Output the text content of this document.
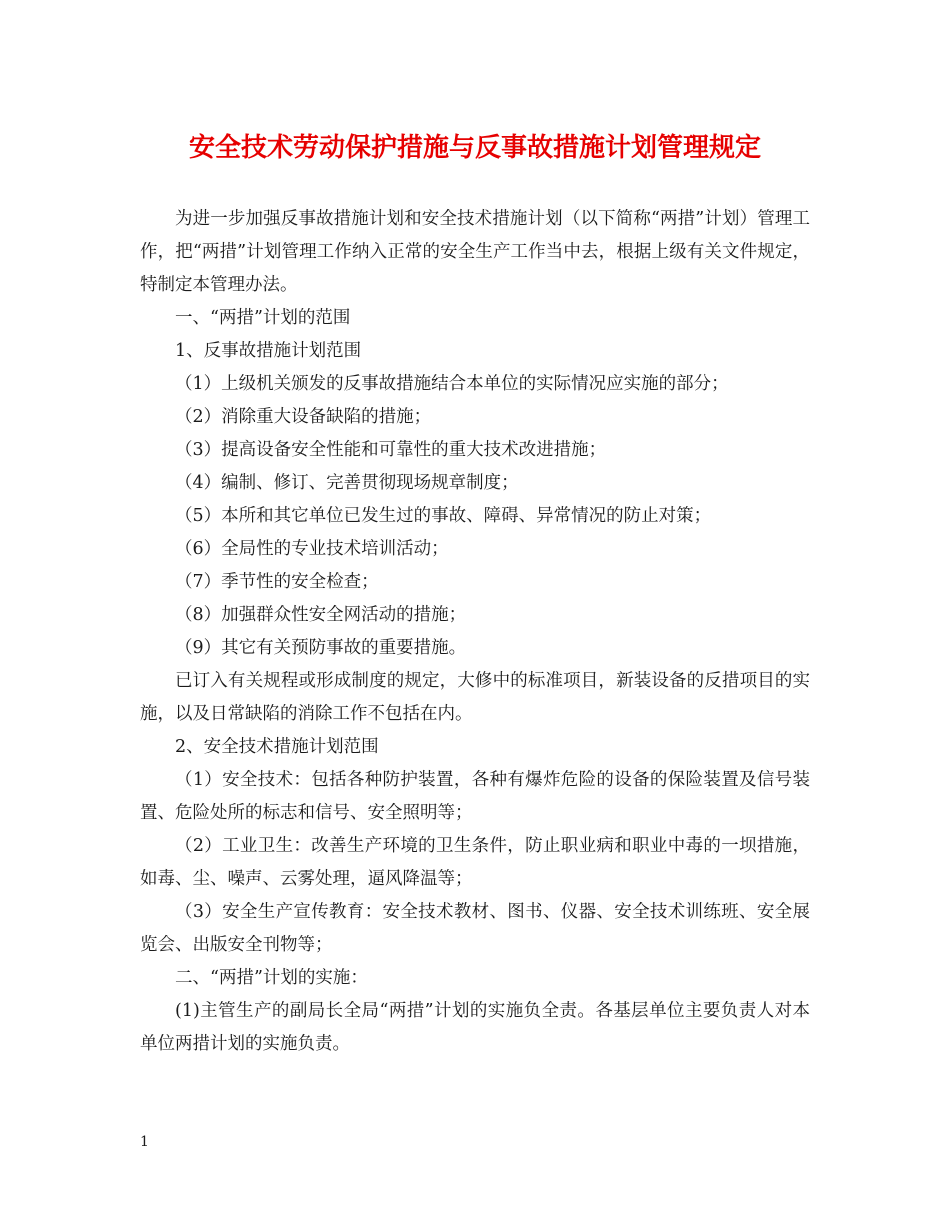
安全技术劳动保护措施与反事故措施计划管理规定

为进一步加强反事故措施计划和安全技术措施计划（以下简称“两措”计划）管理工作，把“两措”计划管理工作纳入正常的安全生产工作当中去，根据上级有关文件规定，特制定本管理办法。

一、“两措”计划的范围

1、反事故措施计划范围

（1）上级机关颁发的反事故措施结合本单位的实际情况应实施的部分；

（2）消除重大设备缺陷的措施；

（3）提高设备安全性能和可靠性的重大技术改进措施；

（4）编制、修订、完善贯彻现场规章制度；

（5）本所和其它单位已发生过的事故、障碍、异常情况的防止对策；

（6）全局性的专业技术培训活动；

（7）季节性的安全检查；

（8）加强群众性安全网活动的措施；

（9）其它有关预防事故的重要措施。

已订入有关规程或形成制度的规定，大修中的标准项目，新装设备的反措项目的实施，以及日常缺陷的消除工作不包括在内。

2、安全技术措施计划范围

（1）安全技术：包括各种防护装置，各种有爆炸危险的设备的保险装置及信号装置、危险处所的标志和信号、安全照明等；

（2）工业卫生：改善生产环境的卫生条件，防止职业病和职业中毒的一坝措施，如毒、尘、噪声、云雾处理，逼风降温等；

（3）安全生产宣传教育：安全技术教材、图书、仪器、安全技术训练班、安全展览会、出版安全刊物等；

二、“两措”计划的实施：

(1)主管生产的副局长全局“两措”计划的实施负全责。各基层单位主要负责人对本单位两措计划的实施负责。

1
